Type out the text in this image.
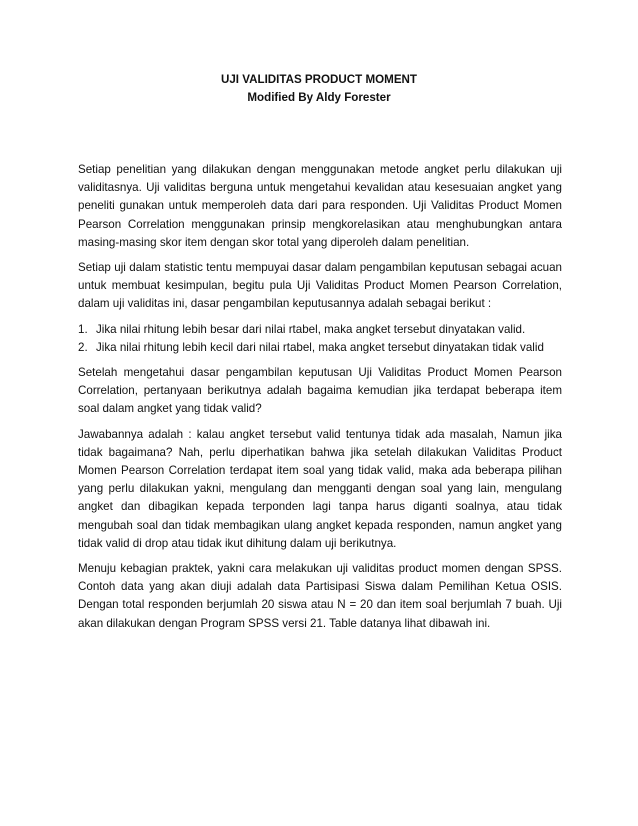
UJI VALIDITAS PRODUCT MOMENT

Modified By Aldy Forester

Setiap penelitian yang dilakukan dengan menggunakan metode angket perlu dilakukan uji validitasnya. Uji validitas berguna untuk mengetahui kevalidan atau kesesuaian angket yang peneliti gunakan untuk memperoleh data dari para responden. Uji Validitas Product Momen Pearson Correlation menggunakan prinsip mengkorelasikan atau menghubungkan antara masing-masing skor item dengan skor total yang diperoleh dalam penelitian.

Setiap uji dalam statistic tentu mempuyai dasar dalam pengambilan keputusan sebagai acuan untuk membuat kesimpulan, begitu pula Uji Validitas Product Momen Pearson Correlation, dalam uji validitas ini, dasar pengambilan keputusannya adalah sebagai berikut :

1. Jika nilai rhitung lebih besar dari nilai rtabel, maka angket tersebut dinyatakan valid.
2. Jika nilai rhitung lebih kecil dari nilai rtabel, maka angket tersebut dinyatakan tidak valid

Setelah mengetahui dasar pengambilan keputusan Uji Validitas Product Momen Pearson Correlation, pertanyaan berikutnya adalah bagaima kemudian jika terdapat beberapa item soal dalam angket yang tidak valid?

Jawabannya adalah : kalau angket tersebut valid tentunya tidak ada masalah, Namun jika tidak bagaimana? Nah, perlu diperhatikan bahwa jika setelah dilakukan Validitas Product Momen Pearson Correlation terdapat item soal yang tidak valid, maka ada beberapa pilihan yang perlu dilakukan yakni, mengulang dan mengganti dengan soal yang lain, mengulang angket dan dibagikan kepada terponden lagi tanpa harus diganti soalnya, atau tidak mengubah soal dan tidak membagikan ulang angket kepada responden, namun angket yang tidak valid di drop atau tidak ikut dihitung dalam uji berikutnya.

Menuju kebagian praktek, yakni cara melakukan uji validitas product momen dengan SPSS. Contoh data yang akan diuji adalah data Partisipasi Siswa dalam Pemilihan Ketua OSIS. Dengan total responden berjumlah 20 siswa atau N = 20 dan item soal berjumlah 7 buah. Uji akan dilakukan dengan Program SPSS versi 21. Table datanya lihat dibawah ini.
